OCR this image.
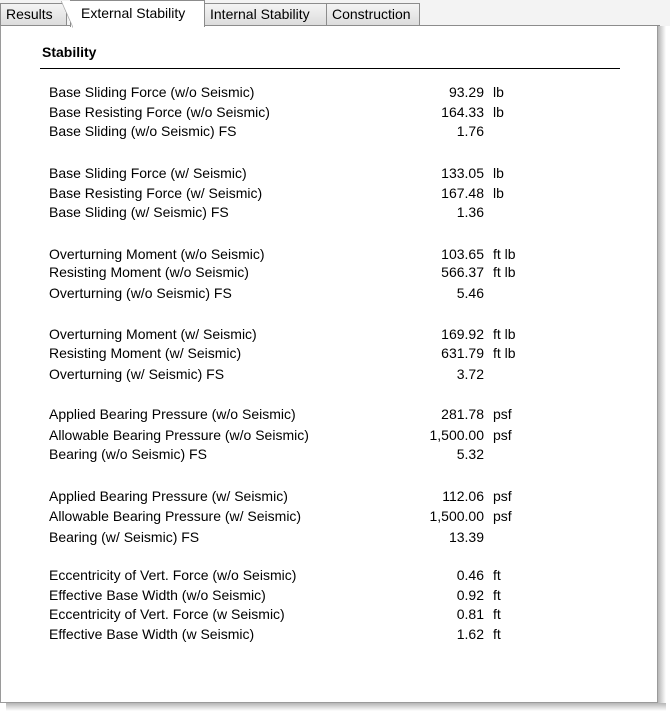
Results	External Stability	Internal Stability	Construction
Stability
Base Sliding Force (w/o Seismic)	93.29 lb
Base Resisting Force (w/o Seismic)	164.33 lb
Base Sliding (w/o Seismic) FS	1.76
Base Sliding Force (w/ Seismic)	133.05 lb
Base Resisting Force (w/ Seismic)	167.48 lb
Base Sliding (w/ Seismic) FS	1.36
Overturning Moment (w/o Seismic)	103.65 ft lb
Resisting Moment (w/o Seismic)	566.37 ft lb
Overturning (w/o Seismic) FS	5.46
Overturning Moment (w/ Seismic)	169.92 ft lb
Resisting Moment (w/ Seismic)	631.79 ft lb
Overturning (w/ Seismic) FS	3.72
Applied Bearing Pressure (w/o Seismic)	281.78 psf
Allowable Bearing Pressure (w/o Seismic)	1,500.00 psf
Bearing (w/o Seismic) FS	5.32
Applied Bearing Pressure (w/ Seismic)	112.06 psf
Allowable Bearing Pressure (w/ Seismic)	1,500.00 psf
Bearing (w/ Seismic) FS	13.39
Eccentricity of Vert. Force (w/o Seismic)	0.46 ft
Effective Base Width (w/o Seismic)	0.92 ft
Eccentricity of Vert. Force (w Seismic)	0.81 ft
Effective Base Width (w Seismic)	1.62 ft
